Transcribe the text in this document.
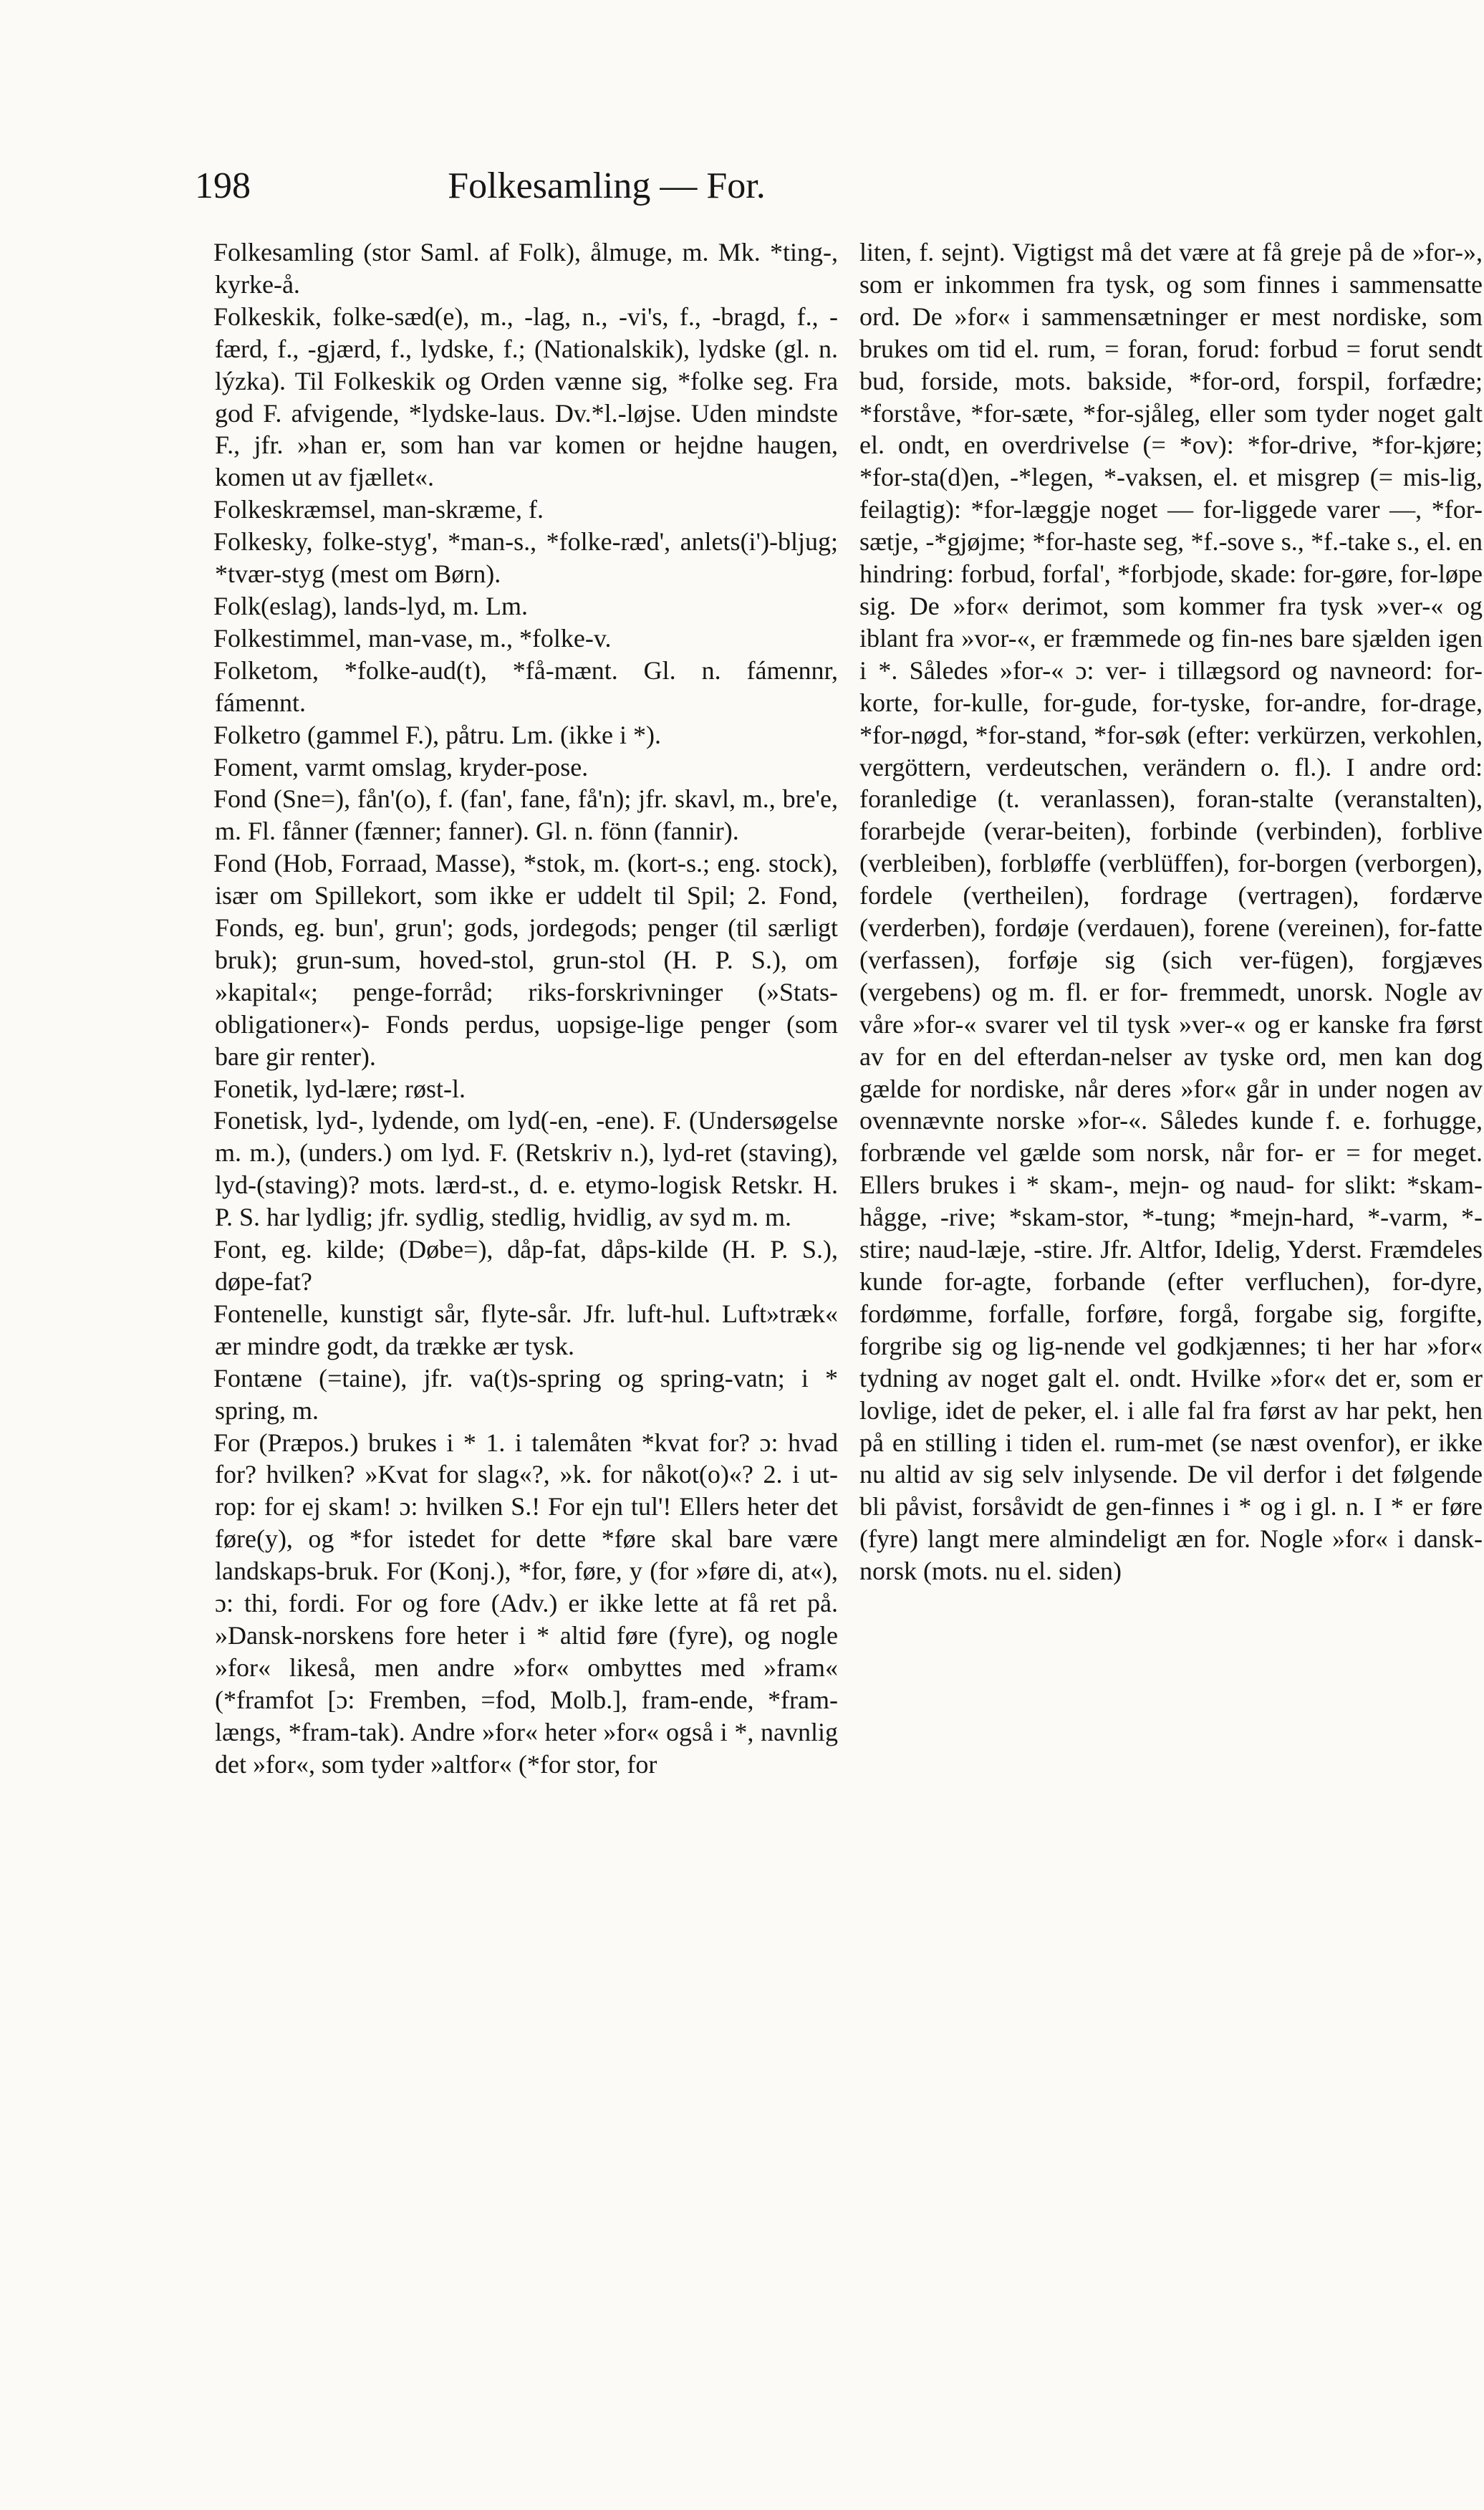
198	Folkesamling — For.

Folkesamling (stor Saml. af Folk), ålmuge, m. Mk. *ting-, kyrke-å.

Folkeskik, folke-sæd(e), m., -lag, n., -vi's, f., -bragd, f., -færd, f., -gjærd, f., lydske, f.; (Nationalskik), lydske (gl. n. lýzka). Til Folkeskik og Orden vænne sig, *folke seg. Fra god F. afvigende, *lydske-laus. Dv.*l.-løjse. Uden mindste F., jfr. »han er, som han var komen or hejdne haugen, komen ut av fjællet«.

Folkeskræmsel, man-skræme, f.

Folkesky, folke-styg', *man-s., *folke-ræd', anlets(i')-bljug; *tvær-styg (mest om Børn).

Folk(eslag), lands-lyd, m. Lm.

Folkestimmel, man-vase, m., *folke-v.

Folketom, *folke-aud(t), *få-mænt. Gl. n. fámennr, fámennt.

Folketro (gammel F.), påtru. Lm. (ikke i *).

Foment, varmt omslag, kryder-pose.

Fond (Sne=), fån'(o), f. (fan', fane, få'n); jfr. skavl, m., bre'e, m. Fl. fånner (fænner; fanner). Gl. n. fönn (fannir).

Fond (Hob, Forraad, Masse), *stok, m. (kort-s.; eng. stock), især om Spillekort, som ikke er uddelt til Spil; 2. Fond, Fonds, eg. bun', grun'; gods, jordegods; penger (til særligt bruk); grun-sum, hoved-stol, grun-stol (H. P. S.), om »kapital«; penge-forråd; riks-forskrivninger (»Stats-obligationer«)- Fonds perdus, uopsige-lige penger (som bare gir renter).

Fonetik, lyd-lære; røst-l.

Fonetisk, lyd-, lydende, om lyd(-en, -ene). F. (Undersøgelse m. m.), (unders.) om lyd. F. (Retskriv n.), lyd-ret (staving), lyd-(staving)? mots. lærd-st., d. e. etymo-logisk Retskr. H. P. S. har lydlig; jfr. sydlig, stedlig, hvidlig, av syd m. m.

Font, eg. kilde; (Døbe=), dåp-fat, dåps-kilde (H. P. S.), døpe-fat?

Fontenelle, kunstigt sår, flyte-sår. Jfr. luft-hul. Luft»træk« ær mindre godt, da trække ær tysk.

Fontæne (=taine), jfr. va(t)s-spring og spring-vatn; i * spring, m.

For (Præpos.) brukes i * 1. i talemåten *kvat for? ɔ: hvad for? hvilken? »Kvat for slag«?, »k. for nåkot(o)«? 2. i ut-rop: for ej skam! ɔ: hvilken S.! For ejn tul'! Ellers heter det føre(y), og *for istedet for dette *føre skal bare være landskaps-bruk. For (Konj.), *for, føre, y (for »føre di, at«), ɔ: thi, fordi. For og fore (Adv.) er ikke lette at få ret på. »Dansk-norskens fore heter i * altid føre (fyre), og nogle »for« likeså, men andre »for« ombyttes med »fram« (*framfot [ɔ: Fremben, =fod, Molb.], fram-ende, *fram-længs, *fram-tak). Andre »for« heter »for« også i *, navnlig det »for«, som tyder »altfor« (*for stor, for

liten, f. sejnt). Vigtigst må det være at få greje på de »for-», som er inkommen fra tysk, og som finnes i sammensatte ord. De »for« i sammensætninger er mest nordiske, som brukes om tid el. rum, = foran, forud: forbud = forut sendt bud, forside, mots. bakside, *for-ord, forspil, forfædre; *forståve, *for-sæte, *for-sjåleg, eller som tyder noget galt el. ondt, en overdrivelse (= *ov): *for-drive, *for-kjøre; *for-sta(d)en, -*legen, *-vaksen, el. et misgrep (= mis-lig, feilagtig): *for-læggje noget — for-liggede varer —, *for-sætje, -*gjøjme; *for-haste seg, *f.-sove s., *f.-take s., el. en hindring: forbud, forfal', *forbjode, skade: for-gøre, for-løpe sig. De »for« derimot, som kommer fra tysk »ver-« og iblant fra »vor-«, er fræmmede og fin-nes bare sjælden igen i *. Således »for-« ɔ: ver- i tillægsord og navneord: for-korte, for-kulle, for-gude, for-tyske, for-andre, for-drage, *for-nøgd, *for-stand, *for-søk (efter: verkürzen, verkohlen, vergöttern, verdeutschen, verändern o. fl.). I andre ord: foranledige (t. veranlassen), foran-stalte (veranstalten), forarbejde (verar-beiten), forbinde (verbinden), forblive (verbleiben), forbløffe (verblüffen), for-borgen (verborgen), fordele (vertheilen), fordrage (vertragen), fordærve (verderben), fordøje (verdauen), forene (vereinen), for-fatte (verfassen), forføje sig (sich ver-fügen), forgjæves (vergebens) og m. fl. er for- fremmedt, unorsk. Nogle av våre »for-« svarer vel til tysk »ver-« og er kanske fra først av for en del efterdan-nelser av tyske ord, men kan dog gælde for nordiske, når deres »for« går in under nogen av ovennævnte norske »for-«. Således kunde f. e. forhugge, forbrænde vel gælde som norsk, når for- er = for meget. Ellers brukes i * skam-, mejn- og naud- for slikt: *skam-hågge, -rive; *skam-stor, *-tung; *mejn-hard, *-varm, *-stire; naud-læje, -stire. Jfr. Altfor, Idelig, Yderst. Fræmdeles kunde for-agte, forbande (efter verfluchen), for-dyre, fordømme, forfalle, forføre, forgå, forgabe sig, forgifte, forgribe sig og lig-nende vel godkjænnes; ti her har »for« tydning av noget galt el. ondt. Hvilke »for« det er, som er lovlige, idet de peker, el. i alle fal fra først av har pekt, hen på en stilling i tiden el. rum-met (se næst ovenfor), er ikke nu altid av sig selv inlysende. De vil derfor i det følgende bli påvist, forsåvidt de gen-finnes i * og i gl. n. I * er føre (fyre) langt mere almindeligt æn for. Nogle »for« i dansk-norsk (mots. nu el. siden)
